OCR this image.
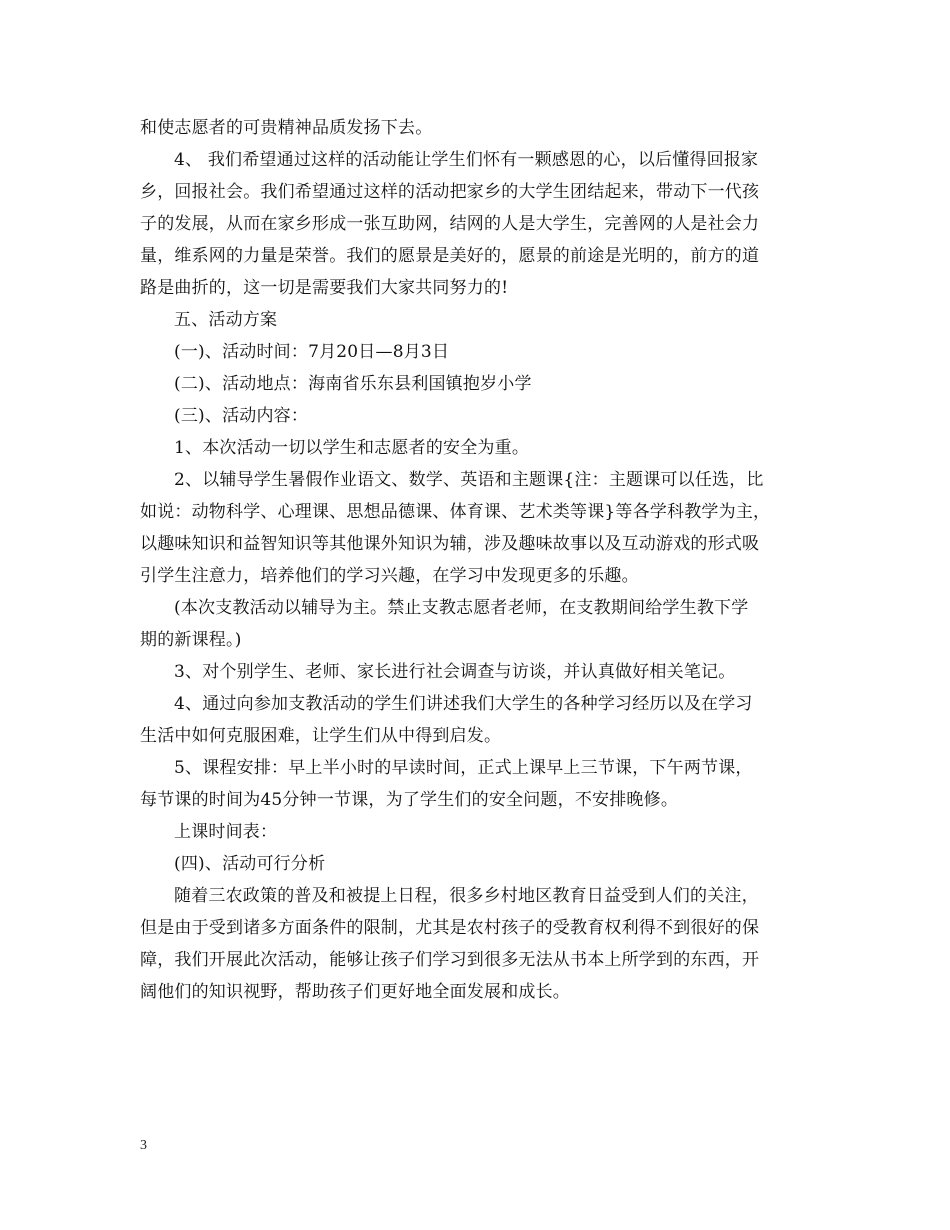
和使志愿者的可贵精神品质发扬下去。
4、 我们希望通过这样的活动能让学生们怀有一颗感恩的心，以后懂得回报家
乡，回报社会。我们希望通过这样的活动把家乡的大学生团结起来，带动下一代孩
子的发展，从而在家乡形成一张互助网，结网的人是大学生，完善网的人是社会力
量，维系网的力量是荣誉。我们的愿景是美好的，愿景的前途是光明的，前方的道
路是曲折的，这一切是需要我们大家共同努力的!
五、活动方案
(一)、活动时间：7月20日—8月3日
(二)、活动地点：海南省乐东县利国镇抱岁小学
(三)、活动内容：
1、本次活动一切以学生和志愿者的安全为重。
2、以辅导学生暑假作业语文、数学、英语和主题课{注：主题课可以任选，比
如说：动物科学、心理课、思想品德课、体育课、艺术类等课}等各学科教学为主，
以趣味知识和益智知识等其他课外知识为辅，涉及趣味故事以及互动游戏的形式吸
引学生注意力，培养他们的学习兴趣，在学习中发现更多的乐趣。
(本次支教活动以辅导为主。禁止支教志愿者老师，在支教期间给学生教下学
期的新课程。)
3、对个别学生、老师、家长进行社会调查与访谈，并认真做好相关笔记。
4、通过向参加支教活动的学生们讲述我们大学生的各种学习经历以及在学习
生活中如何克服困难，让学生们从中得到启发。
5、课程安排：早上半小时的早读时间，正式上课早上三节课，下午两节课，
每节课的时间为45分钟一节课，为了学生们的安全问题，不安排晚修。
上课时间表：
(四)、活动可行分析
随着三农政策的普及和被提上日程，很多乡村地区教育日益受到人们的关注，
但是由于受到诸多方面条件的限制，尤其是农村孩子的受教育权利得不到很好的保
障，我们开展此次活动，能够让孩子们学习到很多无法从书本上所学到的东西，开
阔他们的知识视野，帮助孩子们更好地全面发展和成长。
3
